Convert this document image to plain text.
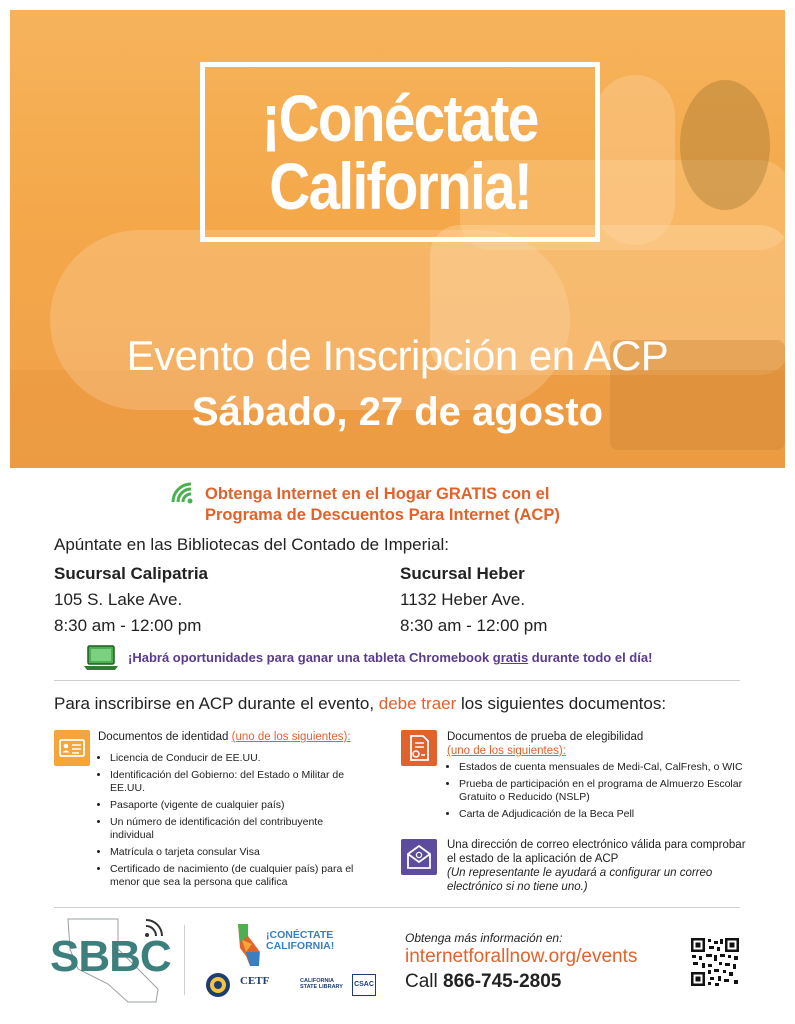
¡Conéctate
California!
Evento de Inscripción en ACP
Sábado, 27 de agosto
Obtenga Internet en el Hogar GRATIS con el
Programa de Descuentos Para Internet (ACP)
Apúntate en las Bibliotecas del Contado de Imperial:
Sucursal Calipatria
105 S. Lake Ave.
8:30 am - 12:00 pm
Sucursal Heber
1132 Heber Ave.
8:30 am - 12:00 pm
¡Habrá oportunidades para ganar una tableta Chromebook gratis durante todo el día!
Para inscribirse en ACP durante el evento, debe traer los siguientes documentos:
Documentos de identidad (uno de los siguientes):
• Licencia de Conducir de EE.UU.
• Identificación del Gobierno: del Estado o Militar de EE.UU.
• Pasaporte (vigente de cualquier país)
• Un número de identificación del contribuyente individual
• Matrícula o tarjeta consular Visa
• Certificado de nacimiento (de cualquier país) para el menor que sea la persona que califica
Documentos de prueba de elegibilidad
(uno de los siguientes):
• Estados de cuenta mensuales de Medi-Cal, CalFresh, o WIC
• Prueba de participación en el programa de Almuerzo Escolar Gratuito o Reducido (NSLP)
• Carta de Adjudicación de la Beca Pell
Una dirección de correo electrónico válida para comprobar el estado de la aplicación de ACP
(Un representante le ayudará a configurar un correo electrónico si no tiene uno.)
SBBC	¡CONÉCTATE
CALIFORNIA!
CETF	CALIFORNIA
STATE LIBRARY CSAC
Obtenga más información en:
internetforallnow.org/events
Call 866-745-2805
